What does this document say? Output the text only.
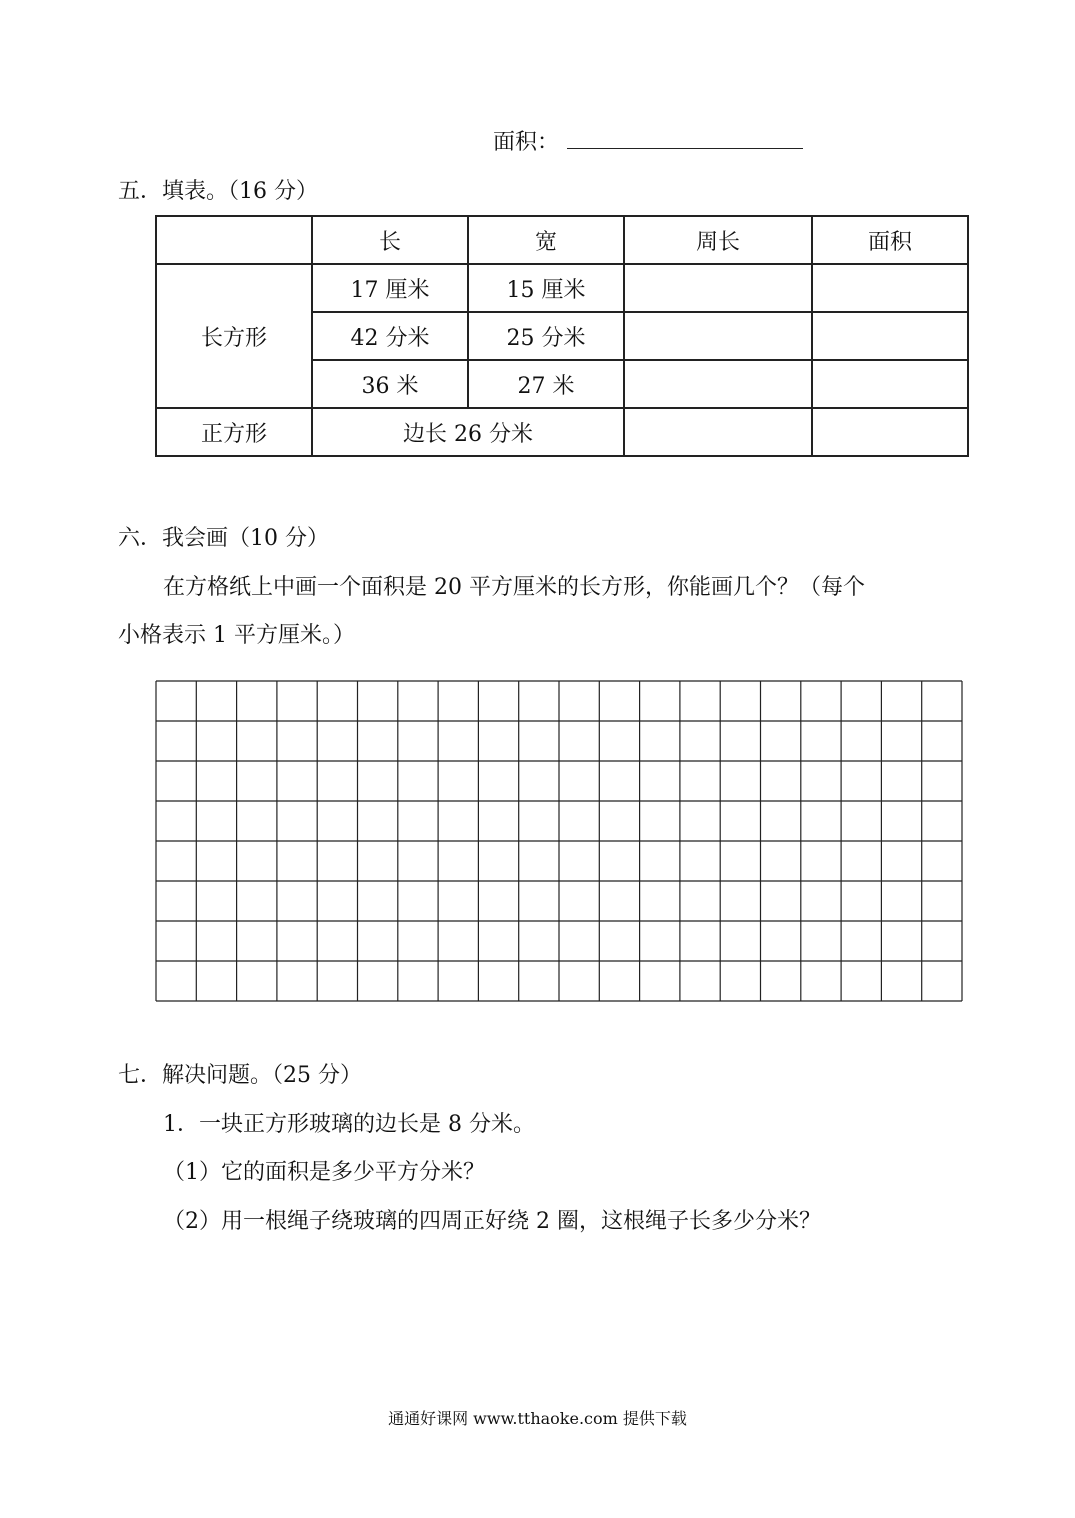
面积：
五．填表。（16 分）
	长	宽	周长	面积
长方形	17 厘米	15 厘米		
	42 分米	25 分米		
	36 米	27 米		
正方形	边长 26 分米			
六．我会画（10 分）
在方格纸上中画一个面积是 20 平方厘米的长方形，你能画几个？（每个
小格表示 1 平方厘米。）
七．解决问题。（25 分）
1．一块正方形玻璃的边长是 8 分米。
（1）它的面积是多少平方分米？
（2）用一根绳子绕玻璃的四周正好绕 2 圈，这根绳子长多少分米？
通通好课网 www.tthaoke.com 提供下载
